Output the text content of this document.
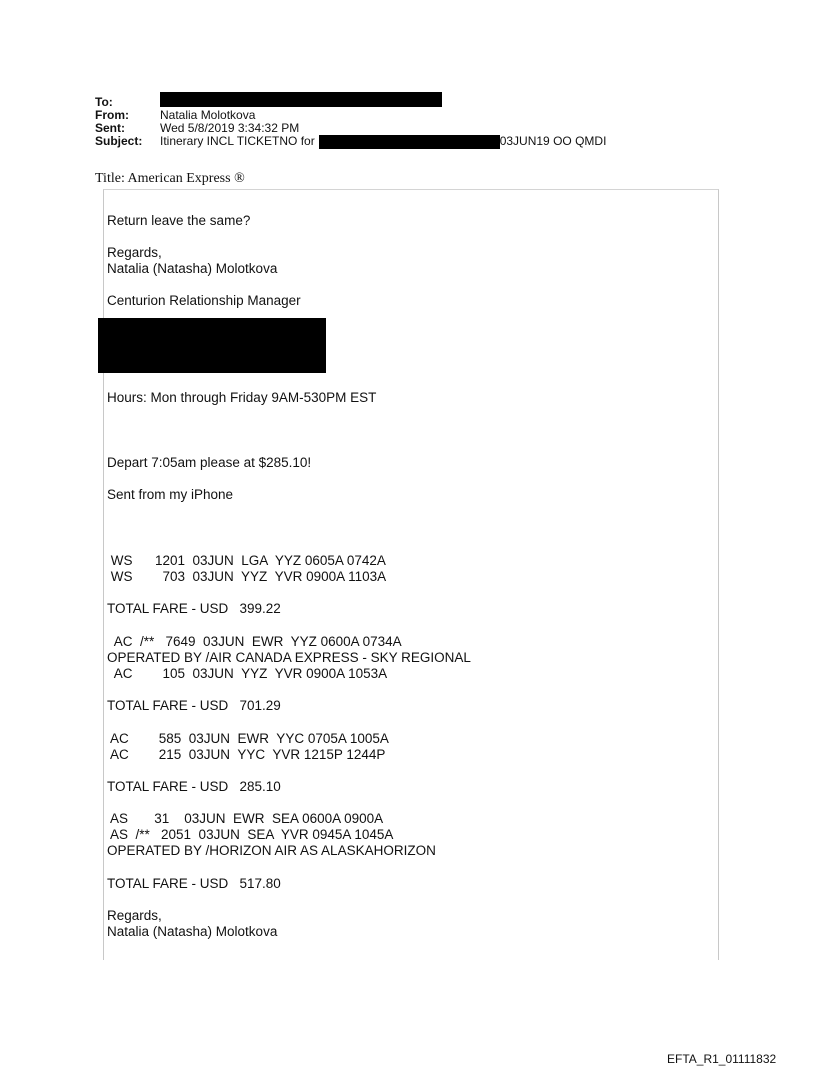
To:
From:	Natalia Molotkova
Sent:	Wed 5/8/2019 3:34:32 PM
Subject:	Itinerary INCL TICKETNO for	03JUN19 OO QMDI
Title: American Express ®
Return leave the same?
Regards,
Natalia (Natasha) Molotkova
Centurion Relationship Manager
Hours: Mon through Friday 9AM-530PM EST
Depart 7:05am please at $285.10!
Sent from my iPhone
WS      1201  03JUN  LGA  YYZ 0605A 0742A
WS        703  03JUN  YYZ  YVR 0900A 1103A
TOTAL FARE - USD   399.22
AC  /**   7649  03JUN  EWR  YYZ 0600A 0734A
OPERATED BY /AIR CANADA EXPRESS - SKY REGIONAL
AC        105  03JUN  YYZ  YVR 0900A 1053A
TOTAL FARE - USD   701.29
AC        585  03JUN  EWR  YYC 0705A 1005A
AC        215  03JUN  YYC  YVR 1215P 1244P
TOTAL FARE - USD   285.10
AS       31    03JUN  EWR  SEA 0600A 0900A
AS  /**   2051  03JUN  SEA  YVR 0945A 1045A
OPERATED BY /HORIZON AIR AS ALASKAHORIZON
TOTAL FARE - USD   517.80
Regards,
Natalia (Natasha) Molotkova
EFTA_R1_01111832
